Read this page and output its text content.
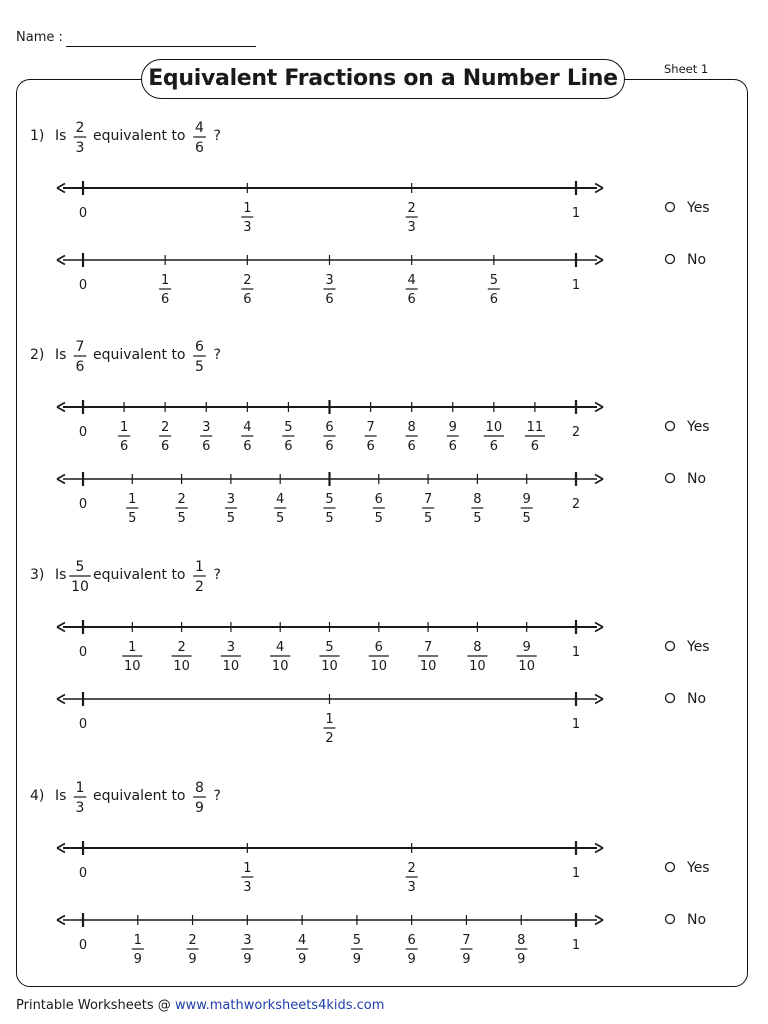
Name :
Equivalent Fractions on a Number Line	Sheet 1
1) Is 2
3
equivalent to 4
6
?
0	1
1
3
2
3
0	1
1
6
2
6
3
6
4
6
5
6
Yes
No
2) Is 7
6
equivalent to 6
5
?
0	2
1
6
2
6
3
6
4
6
5
6
6
6
7
6
8
6
9
6
10
6
11
6
0	2
1
5
2
5
3
5
4
5
5
5
6
5
7
5
8
5
9
5
Yes
No
3) Is 5
10
equivalent to 1
2
?
0	1
1
10
2
10
3
10
4
10
5
10
6
10
7
10
8
10
9
10
0	1
1
2
Yes
No
4) Is 1
3
equivalent to 8
9
?
0	1
1
3
2
3
0	1
1
9
2
9
3
9
4
9
5
9
6
9
7
9
8
9
Yes
No
Printable Worksheets @ www.mathworksheets4kids.com
